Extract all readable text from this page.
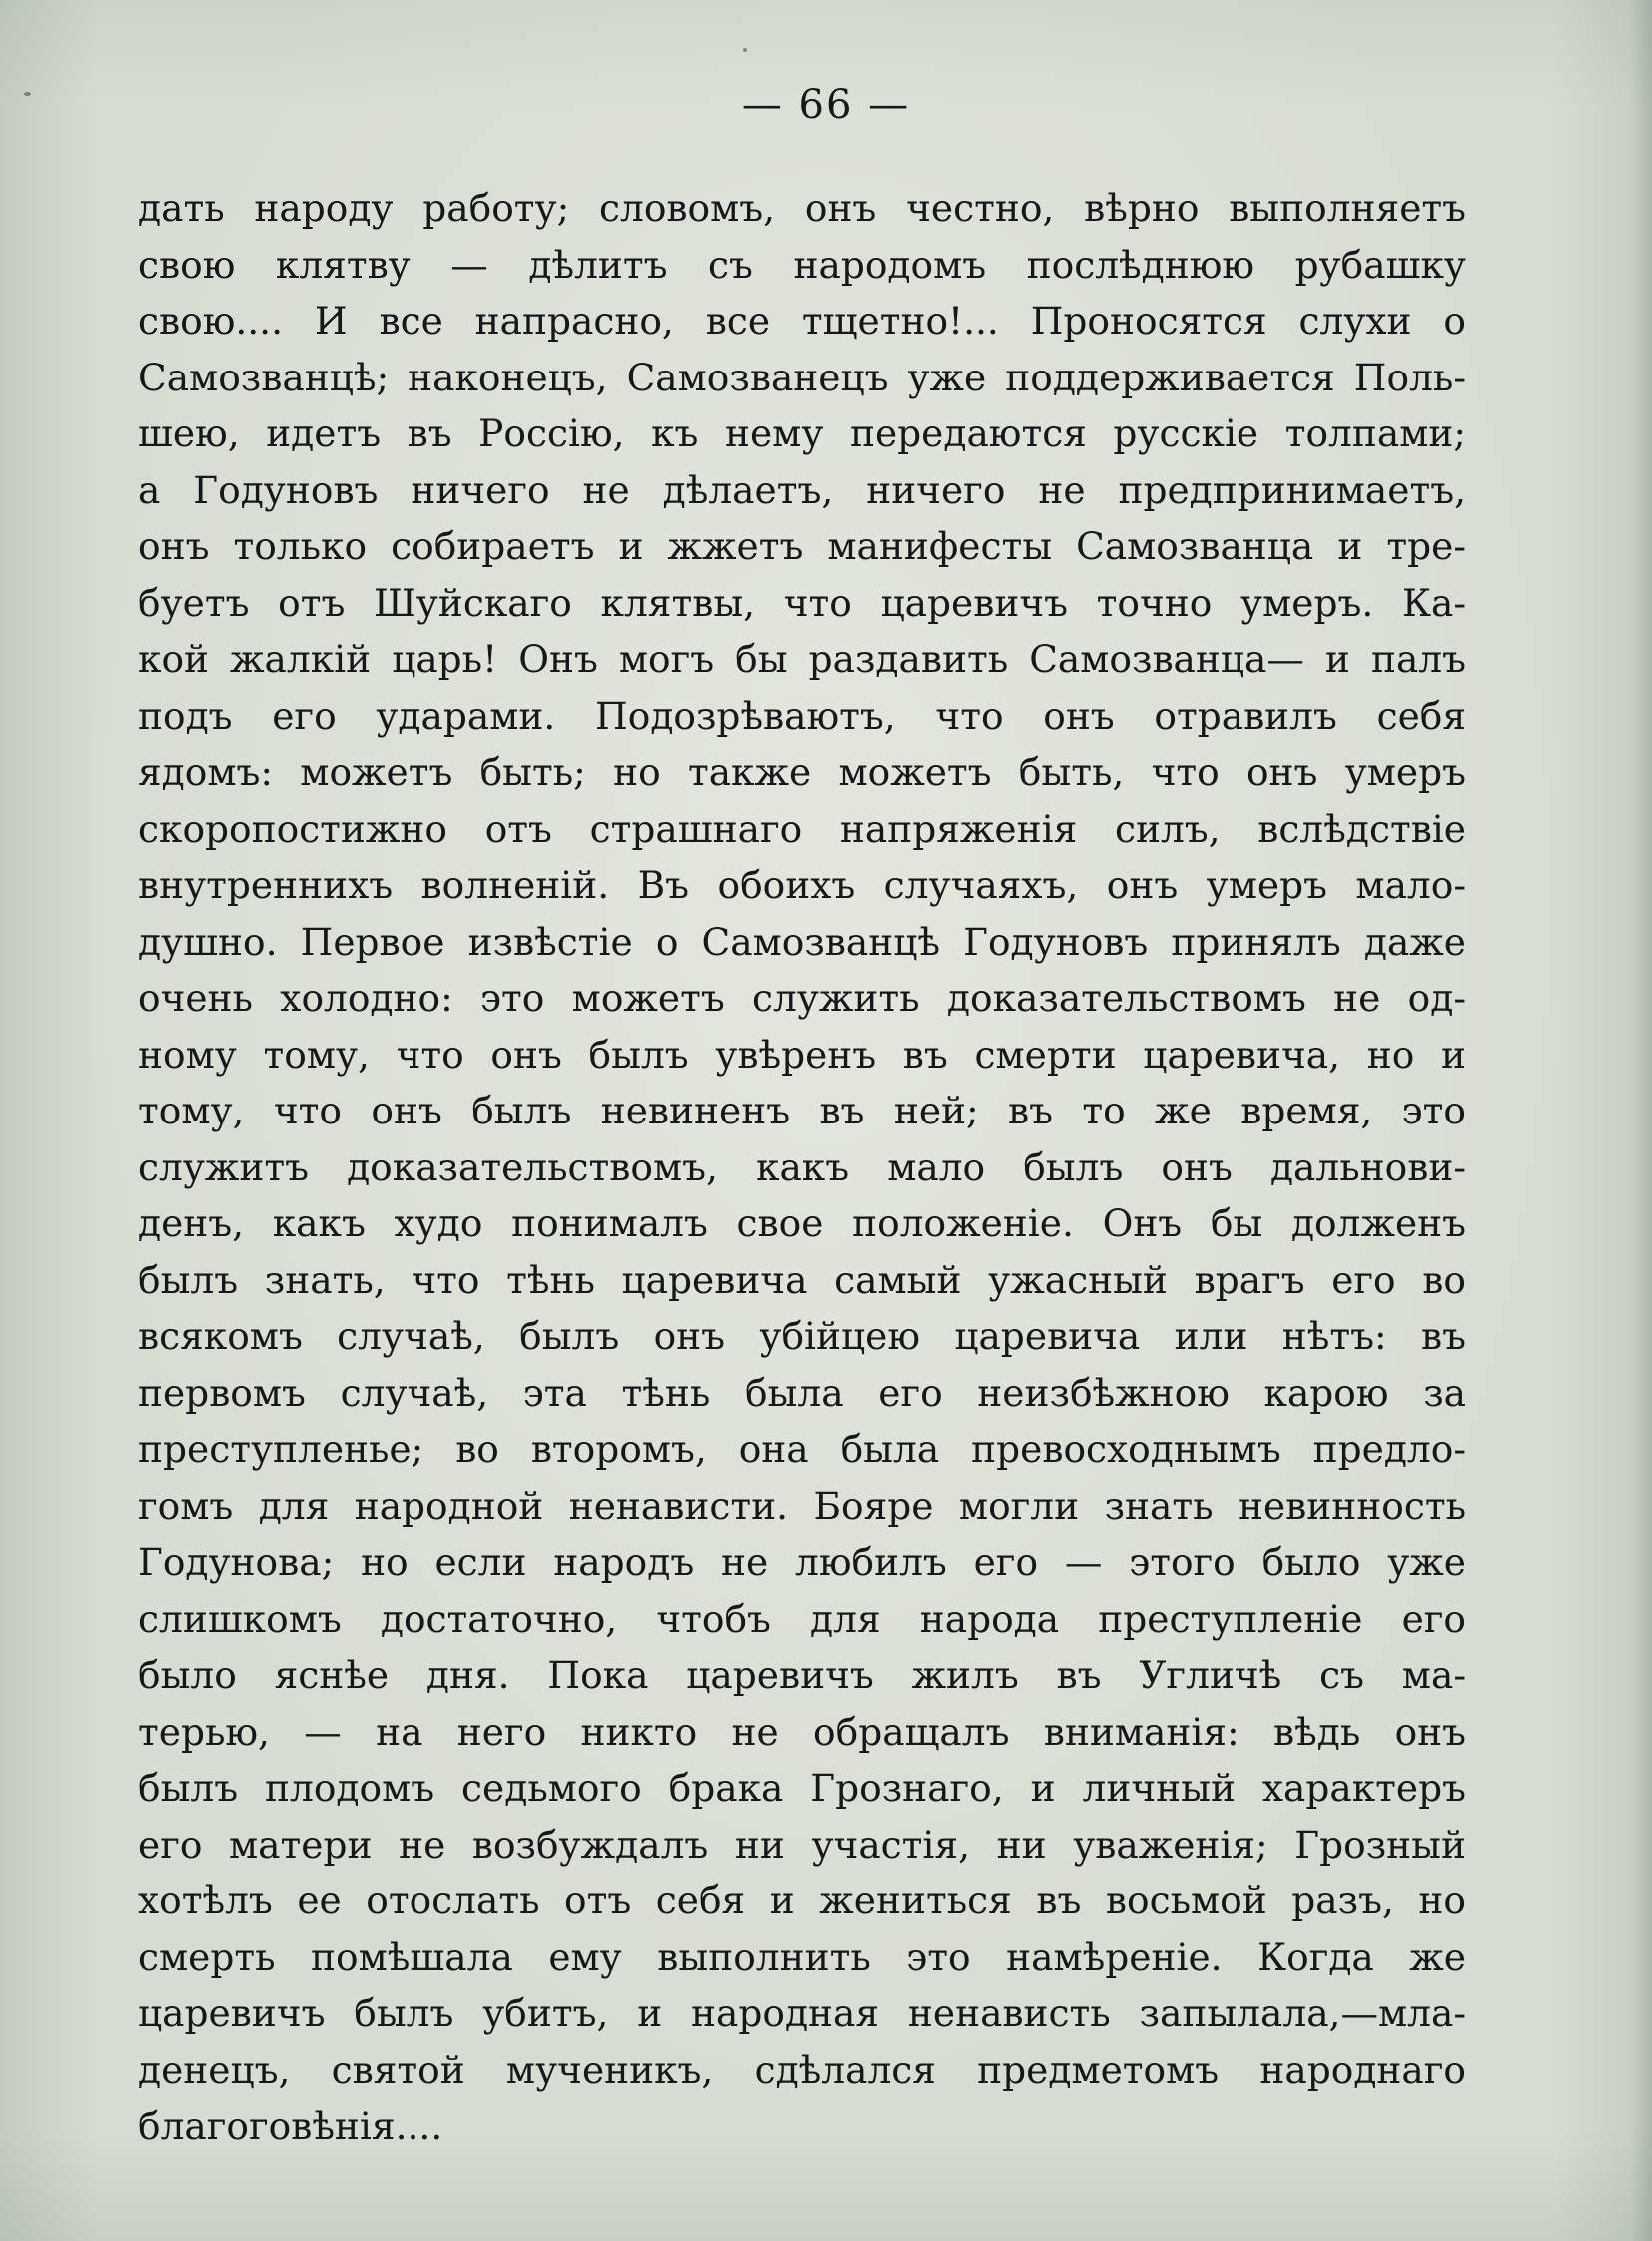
— 66 —
дать народу работу; словомъ, онъ честно, вѣрно выполняетъ
свою клятву — дѣлитъ съ народомъ послѣднюю рубашку
свою.... И все напрасно, все тщетно!... Проносятся слухи о
Самозванцѣ; наконецъ, Самозванецъ уже поддерживается Поль-
шею, идетъ въ Россію, къ нему передаются русскіе толпами;
а Годуновъ ничего не дѣлаетъ, ничего не предпринимаетъ,
онъ только собираетъ и жжетъ манифесты Самозванца и тре-
буетъ отъ Шуйскаго клятвы, что царевичъ точно умеръ. Ка-
кой жалкій царь! Онъ могъ бы раздавить Самозванца— и палъ
подъ его ударами. Подозрѣваютъ, что онъ отравилъ себя
ядомъ: можетъ быть; но также можетъ быть, что онъ умеръ
скоропостижно отъ страшнаго напряженія силъ, вслѣдствіе
внутреннихъ волненій. Въ обоихъ случаяхъ, онъ умеръ мало-
душно. Первое извѣстіе о Самозванцѣ Годуновъ принялъ даже
очень холодно: это можетъ служить доказательствомъ не од-
ному тому, что онъ былъ увѣренъ въ смерти царевича, но и
тому, что онъ былъ невиненъ въ ней; въ то же время, это
служитъ доказательствомъ, какъ мало былъ онъ дальнови-
денъ, какъ худо понималъ свое положеніе. Онъ бы долженъ
былъ знать, что тѣнь царевича самый ужасный врагъ его во
всякомъ случаѣ, былъ онъ убійцею царевича или нѣтъ: въ
первомъ случаѣ, эта тѣнь была его неизбѣжною карою за
преступленье; во второмъ, она была превосходнымъ предло-
гомъ для народной ненависти. Бояре могли знать невинность
Годунова; но если народъ не любилъ его — этого было уже
слишкомъ достаточно, чтобъ для народа преступленіе его
было яснѣе дня. Пока царевичъ жилъ въ Угличѣ съ ма-
терью, — на него никто не обращалъ вниманія: вѣдь онъ
былъ плодомъ седьмого брака Грознаго, и личный характеръ
его матери не возбуждалъ ни участія, ни уваженія; Грозный
хотѣлъ ее отослать отъ себя и жениться въ восьмой разъ, но
смерть помѣшала ему выполнить это намѣреніе. Когда же
царевичъ былъ убитъ, и народная ненависть запылала,—мла-
денецъ, святой мученикъ, сдѣлался предметомъ народнаго
благоговѣнія....
